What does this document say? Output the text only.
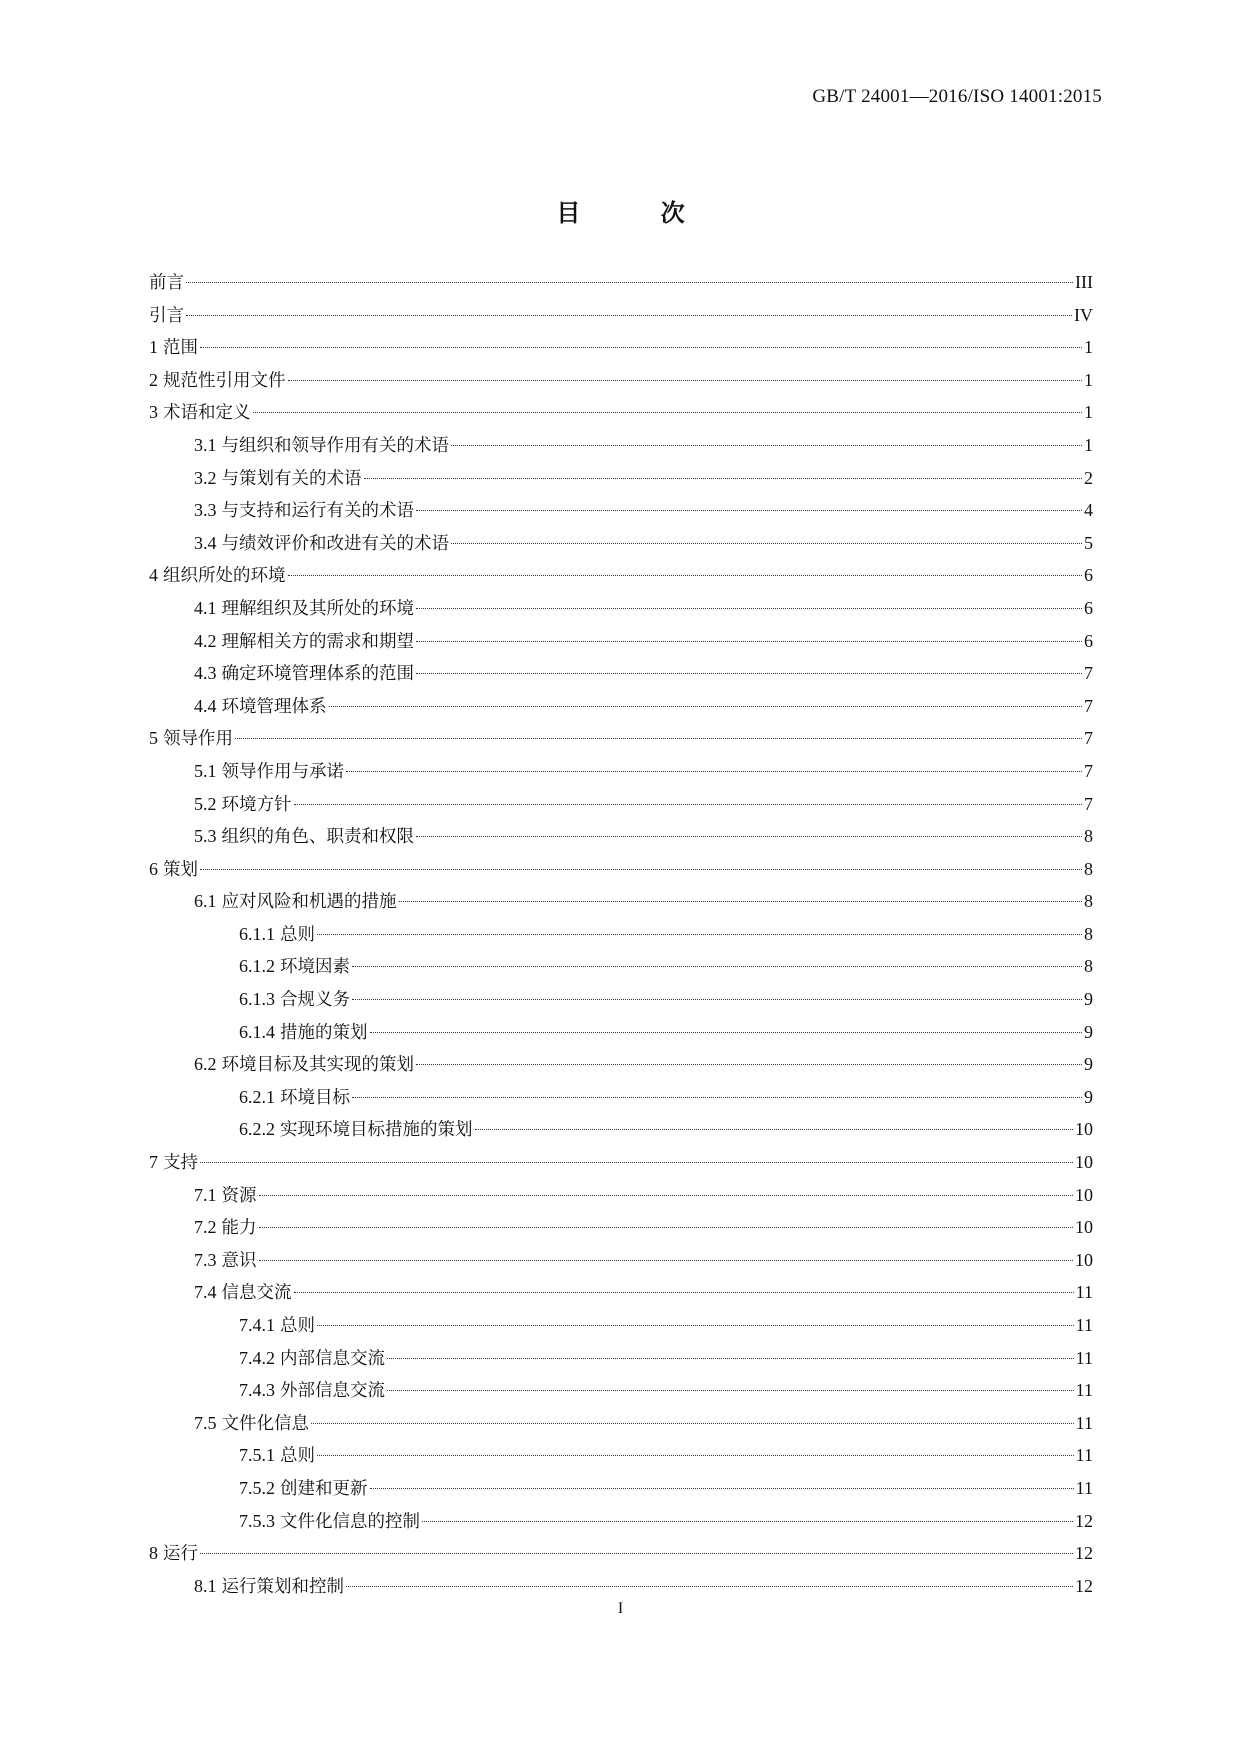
GB/T 24001—2016/ISO 14001:2015
目 次
前言	III
引言	IV
1 范围	1
2 规范性引用文件	1
3 术语和定义	1
3.1 与组织和领导作用有关的术语	1
3.2 与策划有关的术语	2
3.3 与支持和运行有关的术语	4
3.4 与绩效评价和改进有关的术语	5
4 组织所处的环境	6
4.1 理解组织及其所处的环境	6
4.2 理解相关方的需求和期望	6
4.3 确定环境管理体系的范围	7
4.4 环境管理体系	7
5 领导作用	7
5.1 领导作用与承诺	7
5.2 环境方针	7
5.3 组织的角色、职责和权限	8
6 策划	8
6.1 应对风险和机遇的措施	8
6.1.1 总则	8
6.1.2 环境因素	8
6.1.3 合规义务	9
6.1.4 措施的策划	9
6.2 环境目标及其实现的策划	9
6.2.1 环境目标	9
6.2.2 实现环境目标措施的策划	10
7 支持	10
7.1 资源	10
7.2 能力	10
7.3 意识	10
7.4 信息交流	11
7.4.1 总则	11
7.4.2 内部信息交流	11
7.4.3 外部信息交流	11
7.5 文件化信息	11
7.5.1 总则	11
7.5.2 创建和更新	11
7.5.3 文件化信息的控制	12
8 运行	12
8.1 运行策划和控制	12
I
